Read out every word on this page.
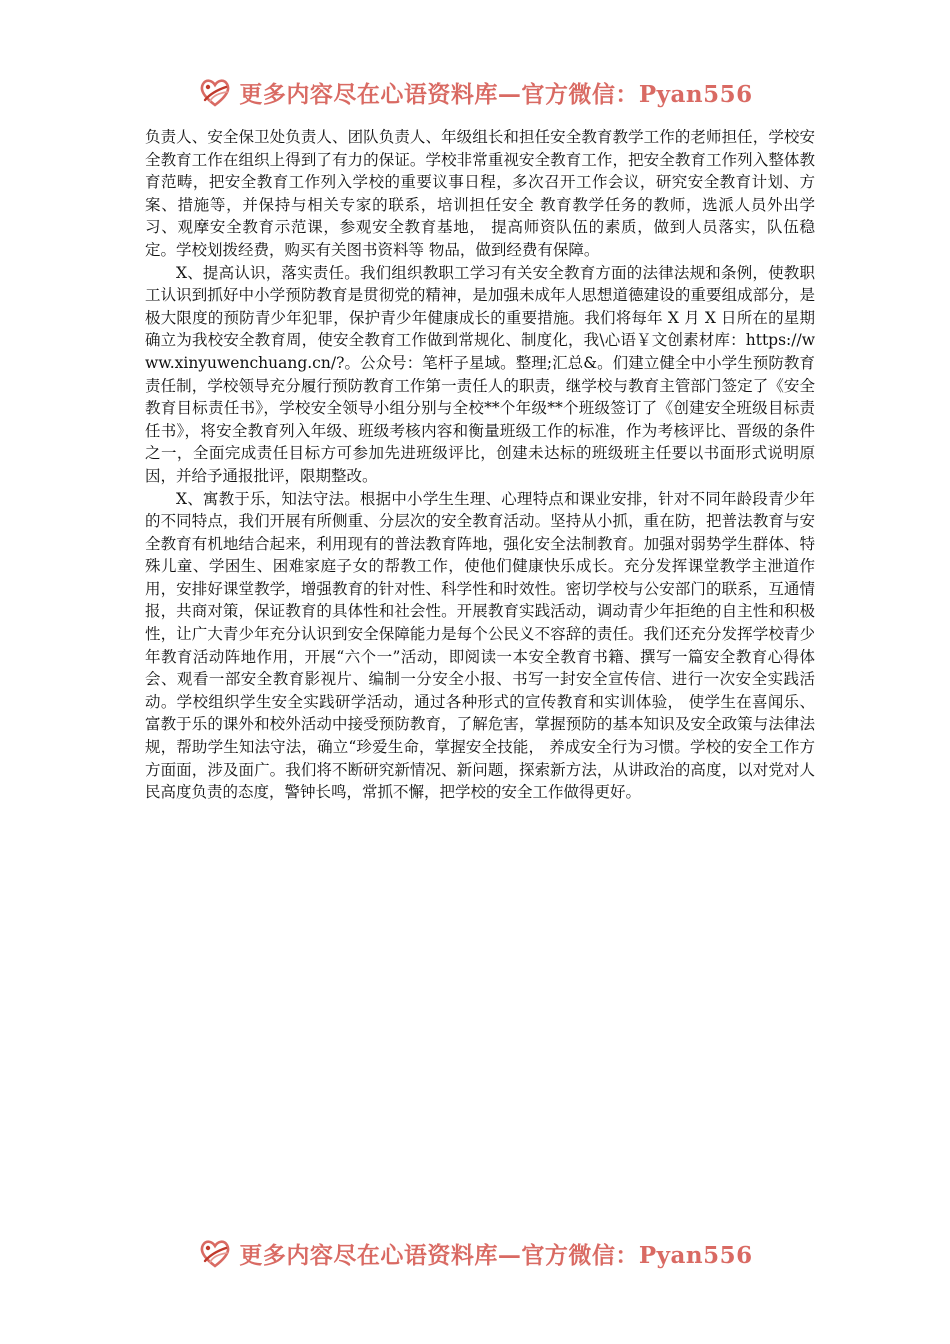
更多内容尽在心语资料库—官方微信：Pyan556

负责人、安全保卫处负责人、团队负责人、年级组长和担任安全教育教学工作的老师担任，学校安全教育工作在组织上得到了有力的保证。学校非常重视安全教育工作，把安全教育工作列入整体教育范畴，把安全教育工作列入学校的重要议事日程，多次召开工作会议，研究安全教育计划、方案、措施等，并保持与相关专家的联系，培训担任安全 教育教学任务的教师，选派人员外出学习、观摩安全教育示范课，参观安全教育基地， 提高师资队伍的素质，做到人员落实，队伍稳定。学校划拨经费，购买有关图书资料等 物品，做到经费有保障。

X、提高认识，落实责任。我们组织教职工学习有关安全教育方面的法律法规和条例，使教职工认识到抓好中小学预防教育是贯彻党的精神，是加强未成年人思想道德建设的重要组成部分，是极大限度的预防青少年犯罪，保护青少年健康成长的重要措施。我们将每年 X 月 X 日所在的星期确立为我校安全教育周，使安全教育工作做到常规化、制度化，我\心语￥文创素材库：https://www.xinyuwenchuang.cn/?。公众号：笔杆子星域。整理;汇总&。们建立健全中小学生预防教育责任制，学校领导充分履行预防教育工作第一责任人的职责，继学校与教育主管部门签定了《安全教育目标责任书》，学校安全领导小组分别与全校**个年级**个班级签订了《创建安全班级目标责任书》，将安全教育列入年级、班级考核内容和衡量班级工作的标准，作为考核评比、晋级的条件之一，全面完成责任目标方可参加先进班级评比，创建未达标的班级班主任要以书面形式说明原因，并给予通报批评，限期整改。

X、寓教于乐，知法守法。根据中小学生生理、心理特点和课业安排，针对不同年龄段青少年的不同特点，我们开展有所侧重、分层次的安全教育活动。坚持从小抓，重在防，把普法教育与安全教育有机地结合起来，利用现有的普法教育阵地，强化安全法制教育。加强对弱势学生群体、特殊儿童、学困生、困难家庭子女的帮教工作，使他们健康快乐成长。充分发挥课堂教学主泄道作用，安排好课堂教学，增强教育的针对性、科学性和时效性。密切学校与公安部门的联系，互通情报，共商对策，保证教育的具体性和社会性。开展教育实践活动，调动青少年拒绝的自主性和积极性，让广大青少年充分认识到安全保障能力是每个公民义不容辞的责任。我们还充分发挥学校青少年教育活动阵地作用，开展“六个一”活动，即阅读一本安全教育书籍、撰写一篇安全教育心得体会、观看一部安全教育影视片、编制一分安全小报、书写一封安全宣传信、进行一次安全实践活动。学校组织学生安全实践研学活动，通过各种形式的宣传教育和实训体验， 使学生在喜闻乐、富教于乐的课外和校外活动中接受预防教育，了解危害，掌握预防的基本知识及安全政策与法律法规，帮助学生知法守法，确立“珍爱生命，掌握安全技能， 养成安全行为习惯。学校的安全工作方方面面，涉及面广。我们将不断研究新情况、新问题，探索新方法，从讲政治的高度，以对党对人民高度负责的态度，警钟长鸣，常抓不懈，把学校的安全工作做得更好。

更多内容尽在心语资料库—官方微信：Pyan556
